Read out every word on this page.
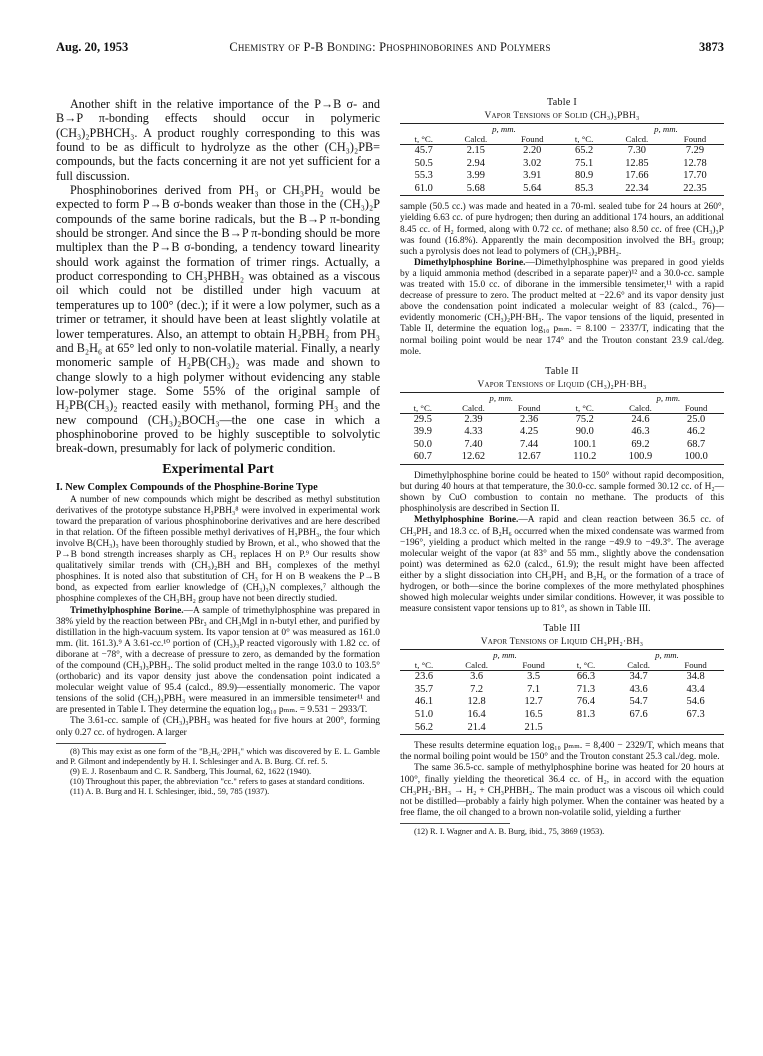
Aug. 20, 1953	Chemistry of P-B Bonding: Phosphinoborines and Polymers	3873

Another shift in the relative importance of the P→B σ- and B→P π-bonding effects should occur in polymeric (CH₃)₂PBHCH₃. A product roughly corresponding to this was found to be as difficult to hydrolyze as the other (CH₃)₂PB= compounds, but the facts concerning it are not yet sufficient for a full discussion.

Phosphinoborines derived from PH₃ or CH₃PH₂ would be expected to form P→B σ-bonds weaker than those in the (CH₃)₂P compounds of the same borine radicals, but the B→P π-bonding should be stronger. And since the B→P π-bonding should be more multiplex than the P→B σ-bonding, a tendency toward linearity should work against the formation of trimer rings. Actually, a product corresponding to CH₃PHBH₂ was obtained as a viscous oil which could not be distilled under high vacuum at temperatures up to 100° (dec.); if it were a low polymer, such as a trimer or tetramer, it should have been at least slightly volatile at lower temperatures. Also, an attempt to obtain H₂PBH₂ from PH₃ and B₂H₆ at 65° led only to non-volatile material. Finally, a nearly monomeric sample of H₂PB(CH₃)₂ was made and shown to change slowly to a high polymer without evidencing any stable low-polymer stage. Some 55% of the original sample of H₂PB(CH₃)₂ reacted easily with methanol, forming PH₃ and the new compound (CH₃)₂BOCH₃—the one case in which a phosphinoborine proved to be highly susceptible to solvolytic break-down, presumably for lack of polymeric condition.

Experimental Part
I. New Complex Compounds of the Phosphine-Borine Type

A number of new compounds which might be described as methyl substitution derivatives of the prototype substance H₃PBH₃⁸ were involved in experimental work toward the preparation of various phosphinoborine derivatives and are here described in that relation. Of the fifteen possible methyl derivatives of H₃PBH₃, the four which involve B(CH₃)₃ have been thoroughly studied by Brown, et al., who showed that the P→B bond strength increases sharply as CH₃ replaces H on P.⁹ Our results show qualitatively similar trends with (CH₃)₂BH and BH₃ complexes of the methyl phosphines. It is noted also that substitution of CH₃ for H on B weakens the P→B bond, as expected from earlier knowledge of (CH₃)₃N complexes,⁷ although the phosphine complexes of the CH₃BH₂ group have not been directly studied.

Trimethylphosphine Borine.—A sample of trimethylphosphine was prepared in 38% yield by the reaction between PBr₃ and CH₃MgI in n-butyl ether, and purified by distillation in the high-vacuum system. Its vapor tension at 0° was measured as 161.0 mm. (lit. 161.3).⁹ A 3.61-cc.¹⁰ portion of (CH₃)₃P reacted vigorously with 1.82 cc. of diborane at −78°, with a decrease of pressure to zero, as demanded by the formation of the compound (CH₃)₃PBH₃. The solid product melted in the range 103.0 to 103.5° (orthobaric) and its vapor density just above the condensation point indicated a molecular weight value of 95.4 (calcd., 89.9)—essentially monomeric. The vapor tensions of the solid (CH₃)₃PBH₃ were measured in an immersible tensimeter¹¹ and are presented in Table I. They determine the equation log₁₀ pₘₘ. = 9.531 − 2933/T.

The 3.61-cc. sample of (CH₃)₃PBH₃ was heated for five hours at 200°, forming only 0.27 cc. of hydrogen. A larger

(8) This may exist as one form of the "B₂H₆·2PH₃" which was discovered by E. L. Gamble and P. Gilmont and independently by H. I. Schlesinger and A. B. Burg. Cf. ref. 5.

(9) E. J. Rosenbaum and C. R. Sandberg, This Journal, 62, 1622 (1940).

(10) Throughout this paper, the abbreviation "cc." refers to gases at standard conditions.

(11) A. B. Burg and H. I. Schlesinger, ibid., 59, 785 (1937).

Table I
Vapor Tensions of Solid (CH₃)₃PBH₃
	p, mm.			p, mm.	
t, °C.	Calcd.	Found	t, °C.	Calcd.	Found
45.7	2.15	2.20	65.2	7.30	7.29
50.5	2.94	3.02	75.1	12.85	12.78
55.3	3.99	3.91	80.9	17.66	17.70
61.0	5.68	5.64	85.3	22.34	22.35

sample (50.5 cc.) was made and heated in a 70-ml. sealed tube for 24 hours at 260°, yielding 6.63 cc. of pure hydrogen; then during an additional 174 hours, an additional 8.45 cc. of H₂ formed, along with 0.72 cc. of methane; also 8.50 cc. of free (CH₃)₃P was found (16.8%). Apparently the main decomposition involved the BH₃ group; such a pyrolysis does not lead to polymers of (CH₃)₂PBH₂.

Dimethylphosphine Borine.—Dimethylphosphine was prepared in good yields by a liquid ammonia method (described in a separate paper)¹² and a 30.0-cc. sample was treated with 15.0 cc. of diborane in the immersible tensimeter,¹¹ with a rapid decrease of pressure to zero. The product melted at −22.6° and its vapor density just above the condensation point indicated a molecular weight of 83 (calcd., 76)—evidently monomeric (CH₃)₂PH·BH₃. The vapor tensions of the liquid, presented in Table II, determine the equation log₁₀ pₘₘ. = 8.100 − 2337/T, indicating that the normal boiling point would be near 174° and the Trouton constant 23.9 cal./deg. mole.

Table II
Vapor Tensions of Liquid (CH₃)₂PH·BH₃
	p, mm.			p, mm.	
t, °C.	Calcd.	Found	t, °C.	Calcd.	Found
29.5	2.39	2.36	75.2	24.6	25.0
39.9	4.33	4.25	90.0	46.3	46.2
50.0	7.40	7.44	100.1	69.2	68.7
60.7	12.62	12.67	110.2	100.9	100.0

Dimethylphosphine borine could be heated to 150° without rapid decomposition, but during 40 hours at that temperature, the 30.0-cc. sample formed 30.12 cc. of H₂—shown by CuO combustion to contain no methane. The products of this phosphinolysis are described in Section II.

Methylphosphine Borine.—A rapid and clean reaction between 36.5 cc. of CH₃PH₂ and 18.3 cc. of B₂H₆ occurred when the mixed condensate was warmed from −196°, yielding a product which melted in the range −49.9 to −49.3°. The average molecular weight of the vapor (at 83° and 55 mm., slightly above the condensation point) was determined as 62.0 (calcd., 61.9); the result might have been affected either by a slight dissociation into CH₃PH₂ and B₂H₆ or the formation of a trace of hydrogen, or both—since the borine complexes of the more methylated phosphines showed high molecular weights under similar conditions. However, it was possible to measure consistent vapor tensions up to 81°, as shown in Table III.

Table III
Vapor Tensions of Liquid CH₃PH₂·BH₃
	p, mm.			p, mm.	
t, °C.	Calcd.	Found	t, °C.	Calcd.	Found
23.6	3.6	3.5	66.3	34.7	34.8
35.7	7.2	7.1	71.3	43.6	43.4
46.1	12.8	12.7	76.4	54.7	54.6
51.0	16.4	16.5	81.3	67.6	67.3
56.2	21.4	21.5			

These results determine equation log₁₀ pₘₘ. = 8,400 − 2329/T, which means that the normal boiling point would be 150° and the Trouton constant 25.3 cal./deg. mole.

The same 36.5-cc. sample of methylphosphine borine was heated for 20 hours at 100°, finally yielding the theoretical 36.4 cc. of H₂, in accord with the equation CH₃PH₂·BH₃ → H₂ + CH₃PHBH₂. The main product was a viscous oil which could not be distilled—probably a fairly high polymer. When the container was heated by a free flame, the oil changed to a brown non-volatile solid, yielding a further

(12) R. I. Wagner and A. B. Burg, ibid., 75, 3869 (1953).
